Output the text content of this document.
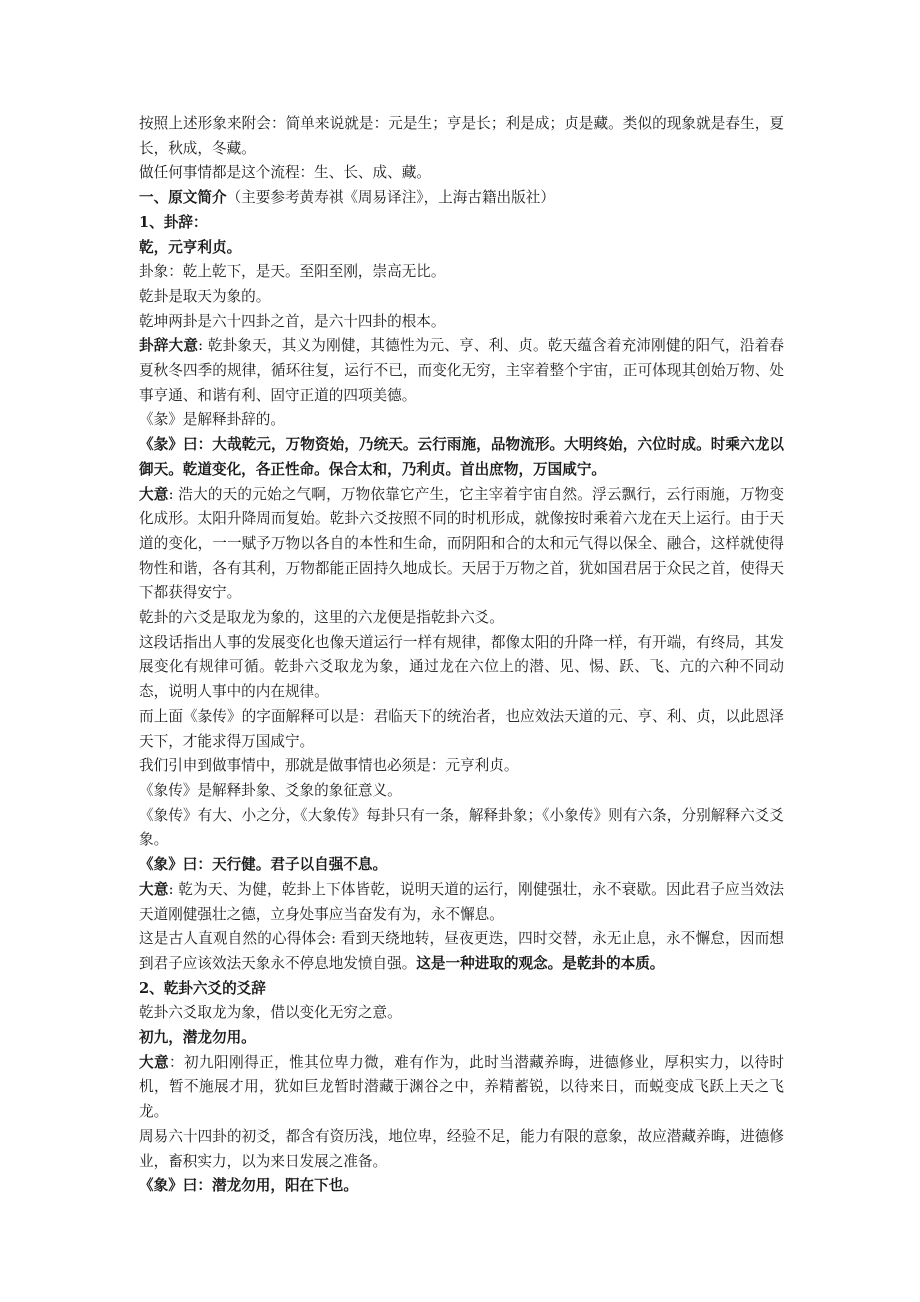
按照上述形象来附会：简单来说就是：元是生；亨是长；利是成；贞是藏。类似的现象就是春生，夏长，秋成，冬藏。

做任何事情都是这个流程：生、长、成、藏。

一、原文简介（主要参考黄寿祺《周易译注》，上海古籍出版社）

1、卦辞：

乾，元亨利贞。

卦象：乾上乾下，是天。至阳至刚，崇高无比。

乾卦是取天为象的。

乾坤两卦是六十四卦之首，是六十四卦的根本。

卦辞大意: 乾卦象天，其义为刚健，其德性为元、亨、利、贞。乾天蕴含着充沛刚健的阳气，沿着春夏秋冬四季的规律，循环往复，运行不已，而变化无穷，主宰着整个宇宙，正可体现其创始万物、处事亨通、和谐有利、固守正道的四项美德。

《彖》是解释卦辞的。

《彖》曰：大哉乾元，万物资始，乃统天。云行雨施，品物流形。大明终始，六位时成。时乘六龙以御天。乾道变化，各正性命。保合太和，乃利贞。首出庶物，万国咸宁。

大意: 浩大的天的元始之气啊，万物依靠它产生，它主宰着宇宙自然。浮云飘行，云行雨施，万物变化成形。太阳升降周而复始。乾卦六爻按照不同的时机形成，就像按时乘着六龙在天上运行。由于天道的变化，一一赋予万物以各自的本性和生命，而阴阳和合的太和元气得以保全、融合，这样就使得物性和谐，各有其利，万物都能正固持久地成长。天居于万物之首，犹如国君居于众民之首，使得天下都获得安宁。

乾卦的六爻是取龙为象的，这里的六龙便是指乾卦六爻。

这段话指出人事的发展变化也像天道运行一样有规律，都像太阳的升降一样，有开端，有终局，其发展变化有规律可循。乾卦六爻取龙为象，通过龙在六位上的潜、见、惕、跃、飞、亢的六种不同动态，说明人事中的内在规律。

而上面《彖传》的字面解释可以是：君临天下的统治者，也应效法天道的元、亨、利、贞，以此恩泽天下，才能求得万国咸宁。

我们引申到做事情中，那就是做事情也必须是：元亨利贞。

《象传》是解释卦象、爻象的象征意义。

《象传》有大、小之分，《大象传》每卦只有一条，解释卦象；《小象传》则有六条，分别解释六爻爻象。

《象》曰：天行健。君子以自强不息。

大意: 乾为天、为健，乾卦上下体皆乾，说明天道的运行，刚健强壮，永不衰歇。因此君子应当效法天道刚健强壮之德，立身处事应当奋发有为，永不懈息。

这是古人直观自然的心得体会: 看到天绕地转，昼夜更迭，四时交替，永无止息，永不懈怠，因而想到君子应该效法天象永不停息地发愤自强。这是一种进取的观念。是乾卦的本质。

2、乾卦六爻的爻辞

乾卦六爻取龙为象，借以变化无穷之意。

初九，潜龙勿用。

大意：初九阳刚得正，惟其位卑力微，难有作为，此时当潜藏养晦，进德修业，厚积实力，以待时机，暂不施展才用，犹如巨龙暂时潜藏于渊谷之中，养精蓄锐，以待来日，而蜕变成飞跃上天之飞龙。

周易六十四卦的初爻，都含有资历浅，地位卑，经验不足，能力有限的意象，故应潜藏养晦，进德修业，畜积实力，以为来日发展之准备。

《象》曰：潜龙勿用，阳在下也。
